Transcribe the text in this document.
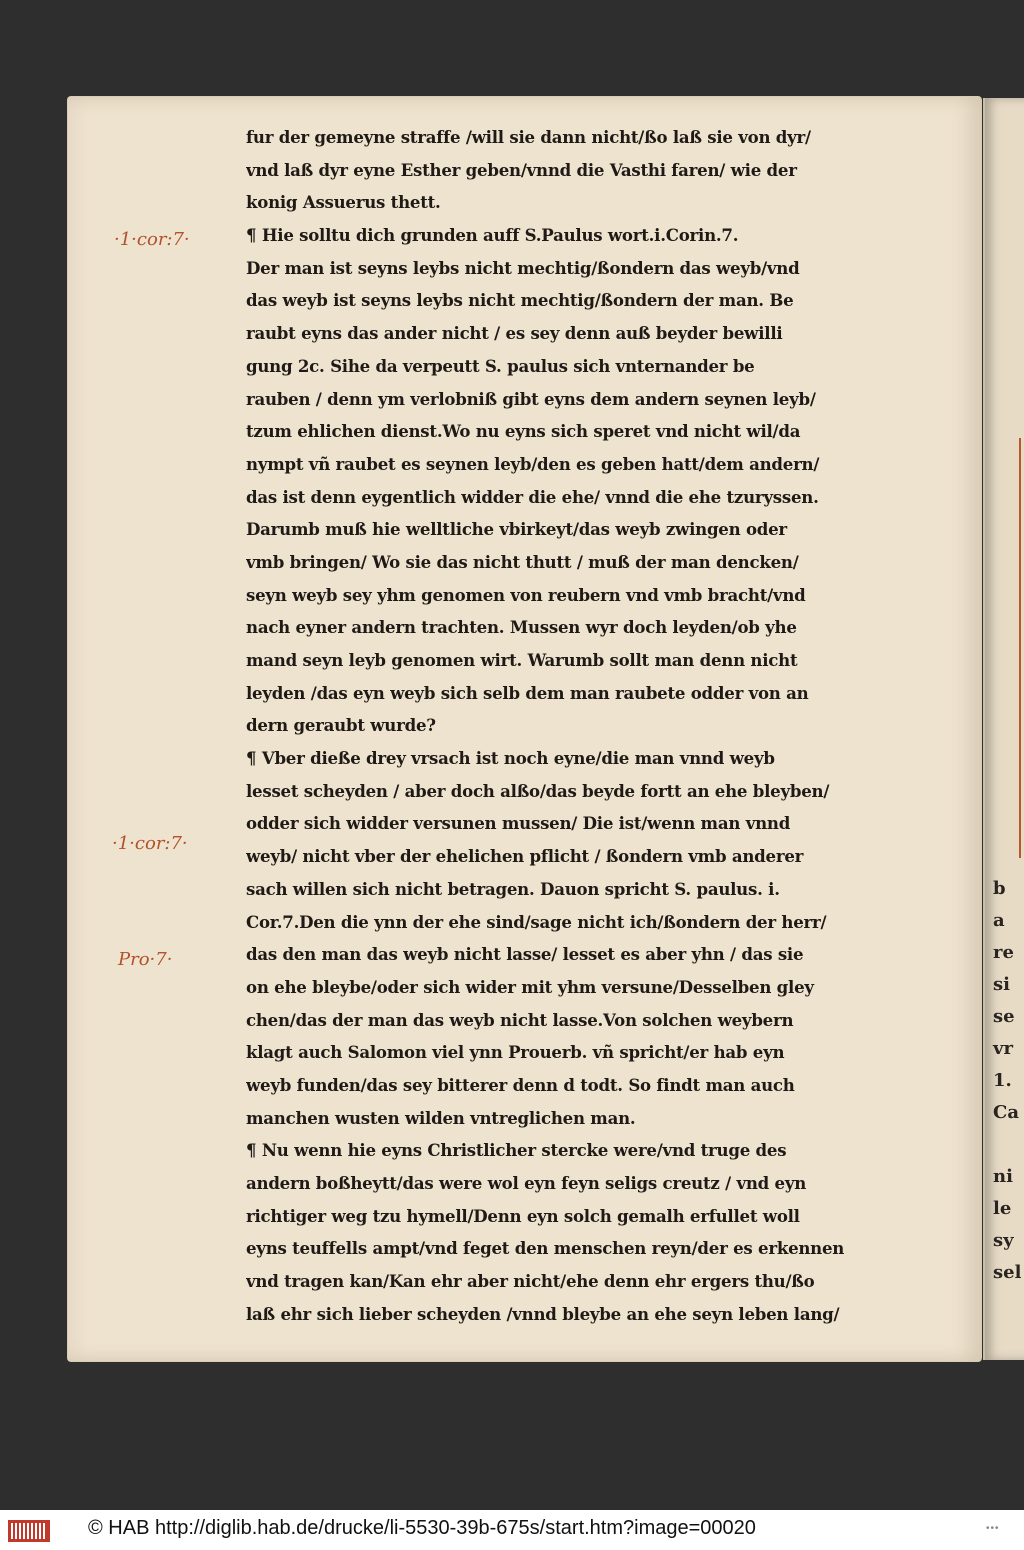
b
a
re
si
se
vr
1.
Ca
ni
le
sy
sel
fur der gemeyne straffe /will sie dann nicht/ßo laß sie von dyr/
vnd laß dyr eyne Esther geben/vnnd die Vasthi faren/ wie der
konig Assuerus thett.
¶ Hie solltu dich grunden auff S.Paulus wort.i.Corin.7.
Der man ist seyns leybs nicht mechtig/ßondern das weyb/vnd
das weyb ist seyns leybs nicht mechtig/ßondern der man. Be
raubt eyns das ander nicht / es sey denn auß beyder bewilli
gung 2c. Sihe da verpeutt S. paulus sich vnternander be
rauben / denn ym verlobniß gibt eyns dem andern seynen leyb/
tzum ehlichen dienst.Wo nu eyns sich speret vnd nicht wil/da
nympt vñ raubet es seynen leyb/den es geben hatt/dem andern/
das ist denn eygentlich widder die ehe/ vnnd die ehe tzuryssen.
Darumb muß hie welltliche vbirkeyt/das weyb zwingen oder
vmb bringen/ Wo sie das nicht thutt / muß der man dencken/
seyn weyb sey yhm genomen von reubern vnd vmb bracht/vnd
nach eyner andern trachten. Mussen wyr doch leyden/ob yhe
mand seyn leyb genomen wirt. Warumb sollt man denn nicht
leyden /das eyn weyb sich selb dem man raubete odder von an
dern geraubt wurde?
¶ Vber dieße drey vrsach ist noch eyne/die man vnnd weyb
lesset scheyden / aber doch alßo/das beyde fortt an ehe bleyben/
odder sich widder versunen mussen/ Die ist/wenn man vnnd
weyb/ nicht vber der ehelichen pflicht / ßondern vmb anderer
sach willen sich nicht betragen. Dauon spricht S. paulus. i.
Cor.7.Den die ynn der ehe sind/sage nicht ich/ßondern der herr/
das den man das weyb nicht lasse/ lesset es aber yhn / das sie
on ehe bleybe/oder sich wider mit yhm versune/Desselben gley
chen/das der man das weyb nicht lasse.Von solchen weybern
klagt auch Salomon viel ynn Prouerb. vñ spricht/er hab eyn
weyb funden/das sey bitterer denn d todt. So findt man auch
manchen wusten wilden vntreglichen man.
¶ Nu wenn hie eyns Christlicher stercke were/vnd truge des
andern boßheytt/das were wol eyn feyn seligs creutz / vnd eyn
richtiger weg tzu hymell/Denn eyn solch gemalh erfullet woll
eyns teuffells ampt/vnd feget den menschen reyn/der es erkennen
vnd tragen kan/Kan ehr aber nicht/ehe denn ehr ergers thu/ßo
laß ehr sich lieber scheyden /vnnd bleybe an ehe seyn leben lang/
·1·cor:7·
·1·cor:7·
Pro·7·
© HAB http://diglib.hab.de/drucke/li-5530-39b-675s/start.htm?image=00020	•••
